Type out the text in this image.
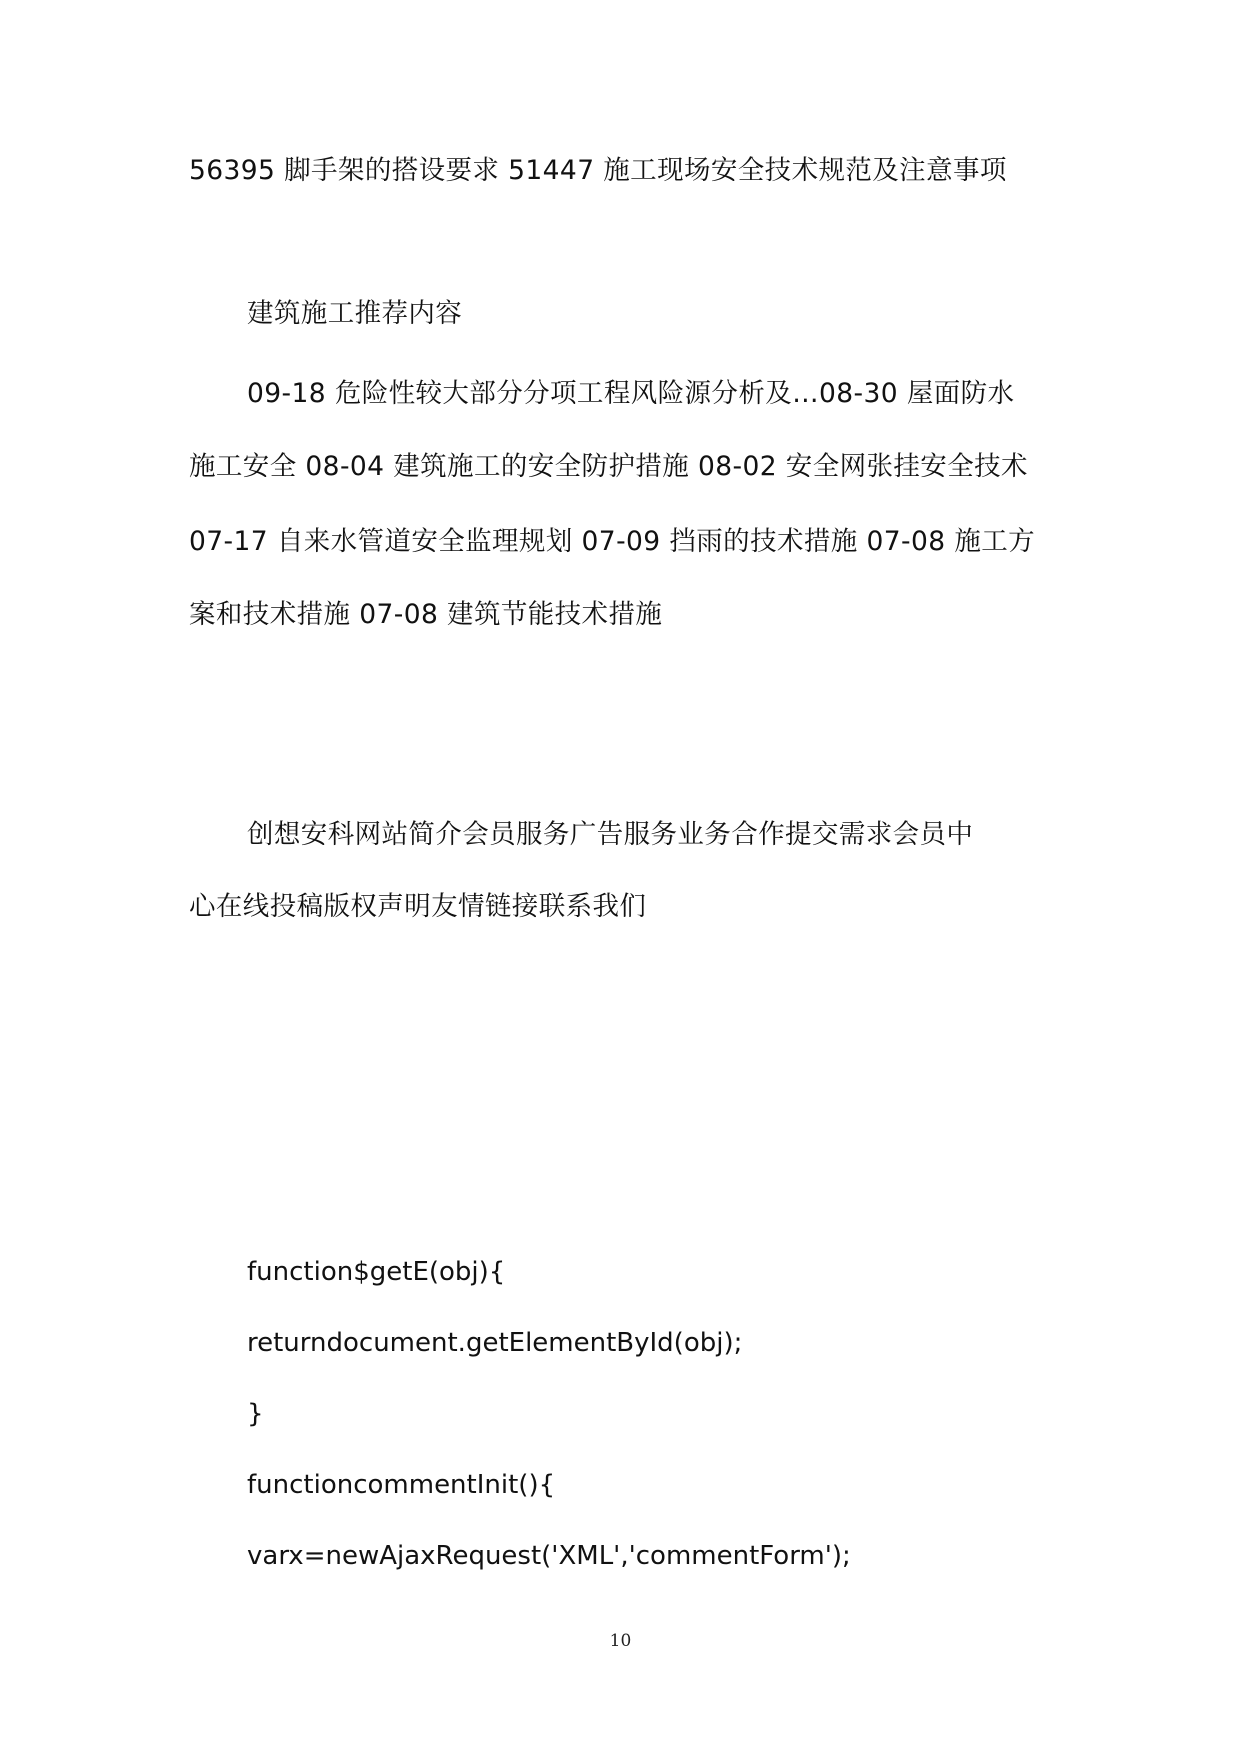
56395 脚手架的搭设要求 51447 施工现场安全技术规范及注意事项
建筑施工推荐内容
09-18 危险性较大部分分项工程风险源分析及…08-30 屋面防水
施工安全 08-04 建筑施工的安全防护措施 08-02 安全网张挂安全技术
07-17 自来水管道安全监理规划 07-09 挡雨的技术措施 07-08 施工方
案和技术措施 07-08 建筑节能技术措施
创想安科网站简介会员服务广告服务业务合作提交需求会员中
心在线投稿版权声明友情链接联系我们
function$getE(obj){
returndocument.getElementById(obj);
}
functioncommentInit(){
varx=newAjaxRequest('XML','commentForm');
10
